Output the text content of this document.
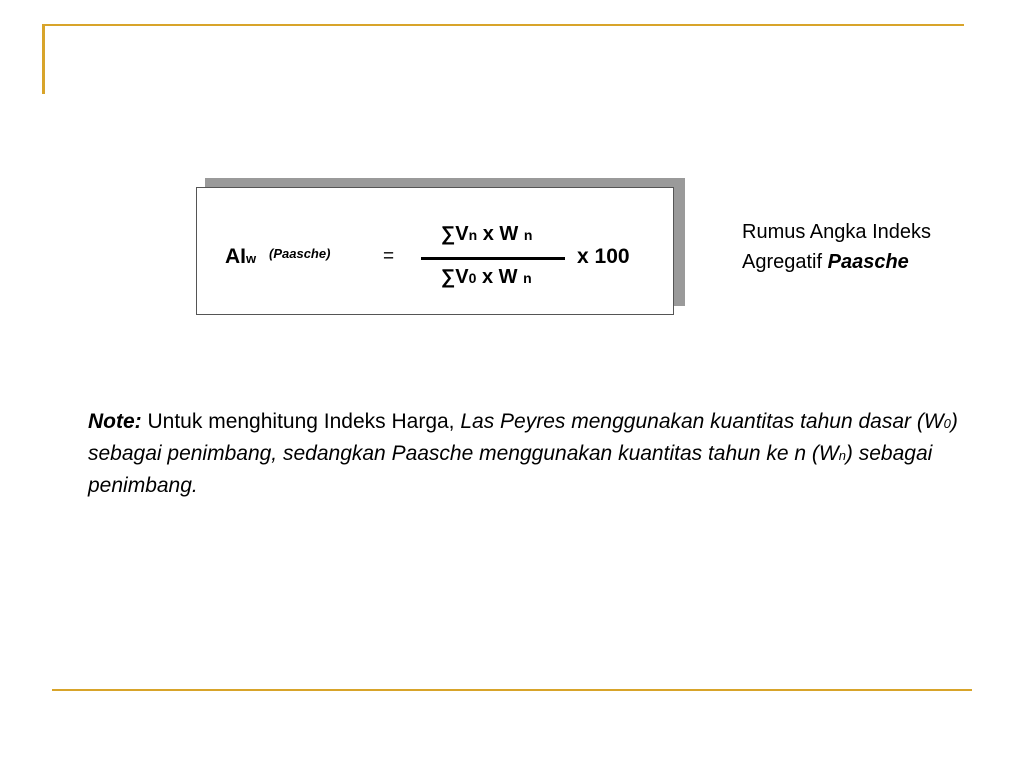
AIw (Paasche)	=
∑Vn x W n
∑V0 x W n
x 100
Rumus Angka Indeks
Agregatif Paasche
Note: Untuk menghitung Indeks Harga, Las Peyres menggunakan kuantitas tahun dasar (W0) sebagai penimbang, sedangkan Paasche menggunakan kuantitas tahun ke n (Wn) sebagai penimbang.
